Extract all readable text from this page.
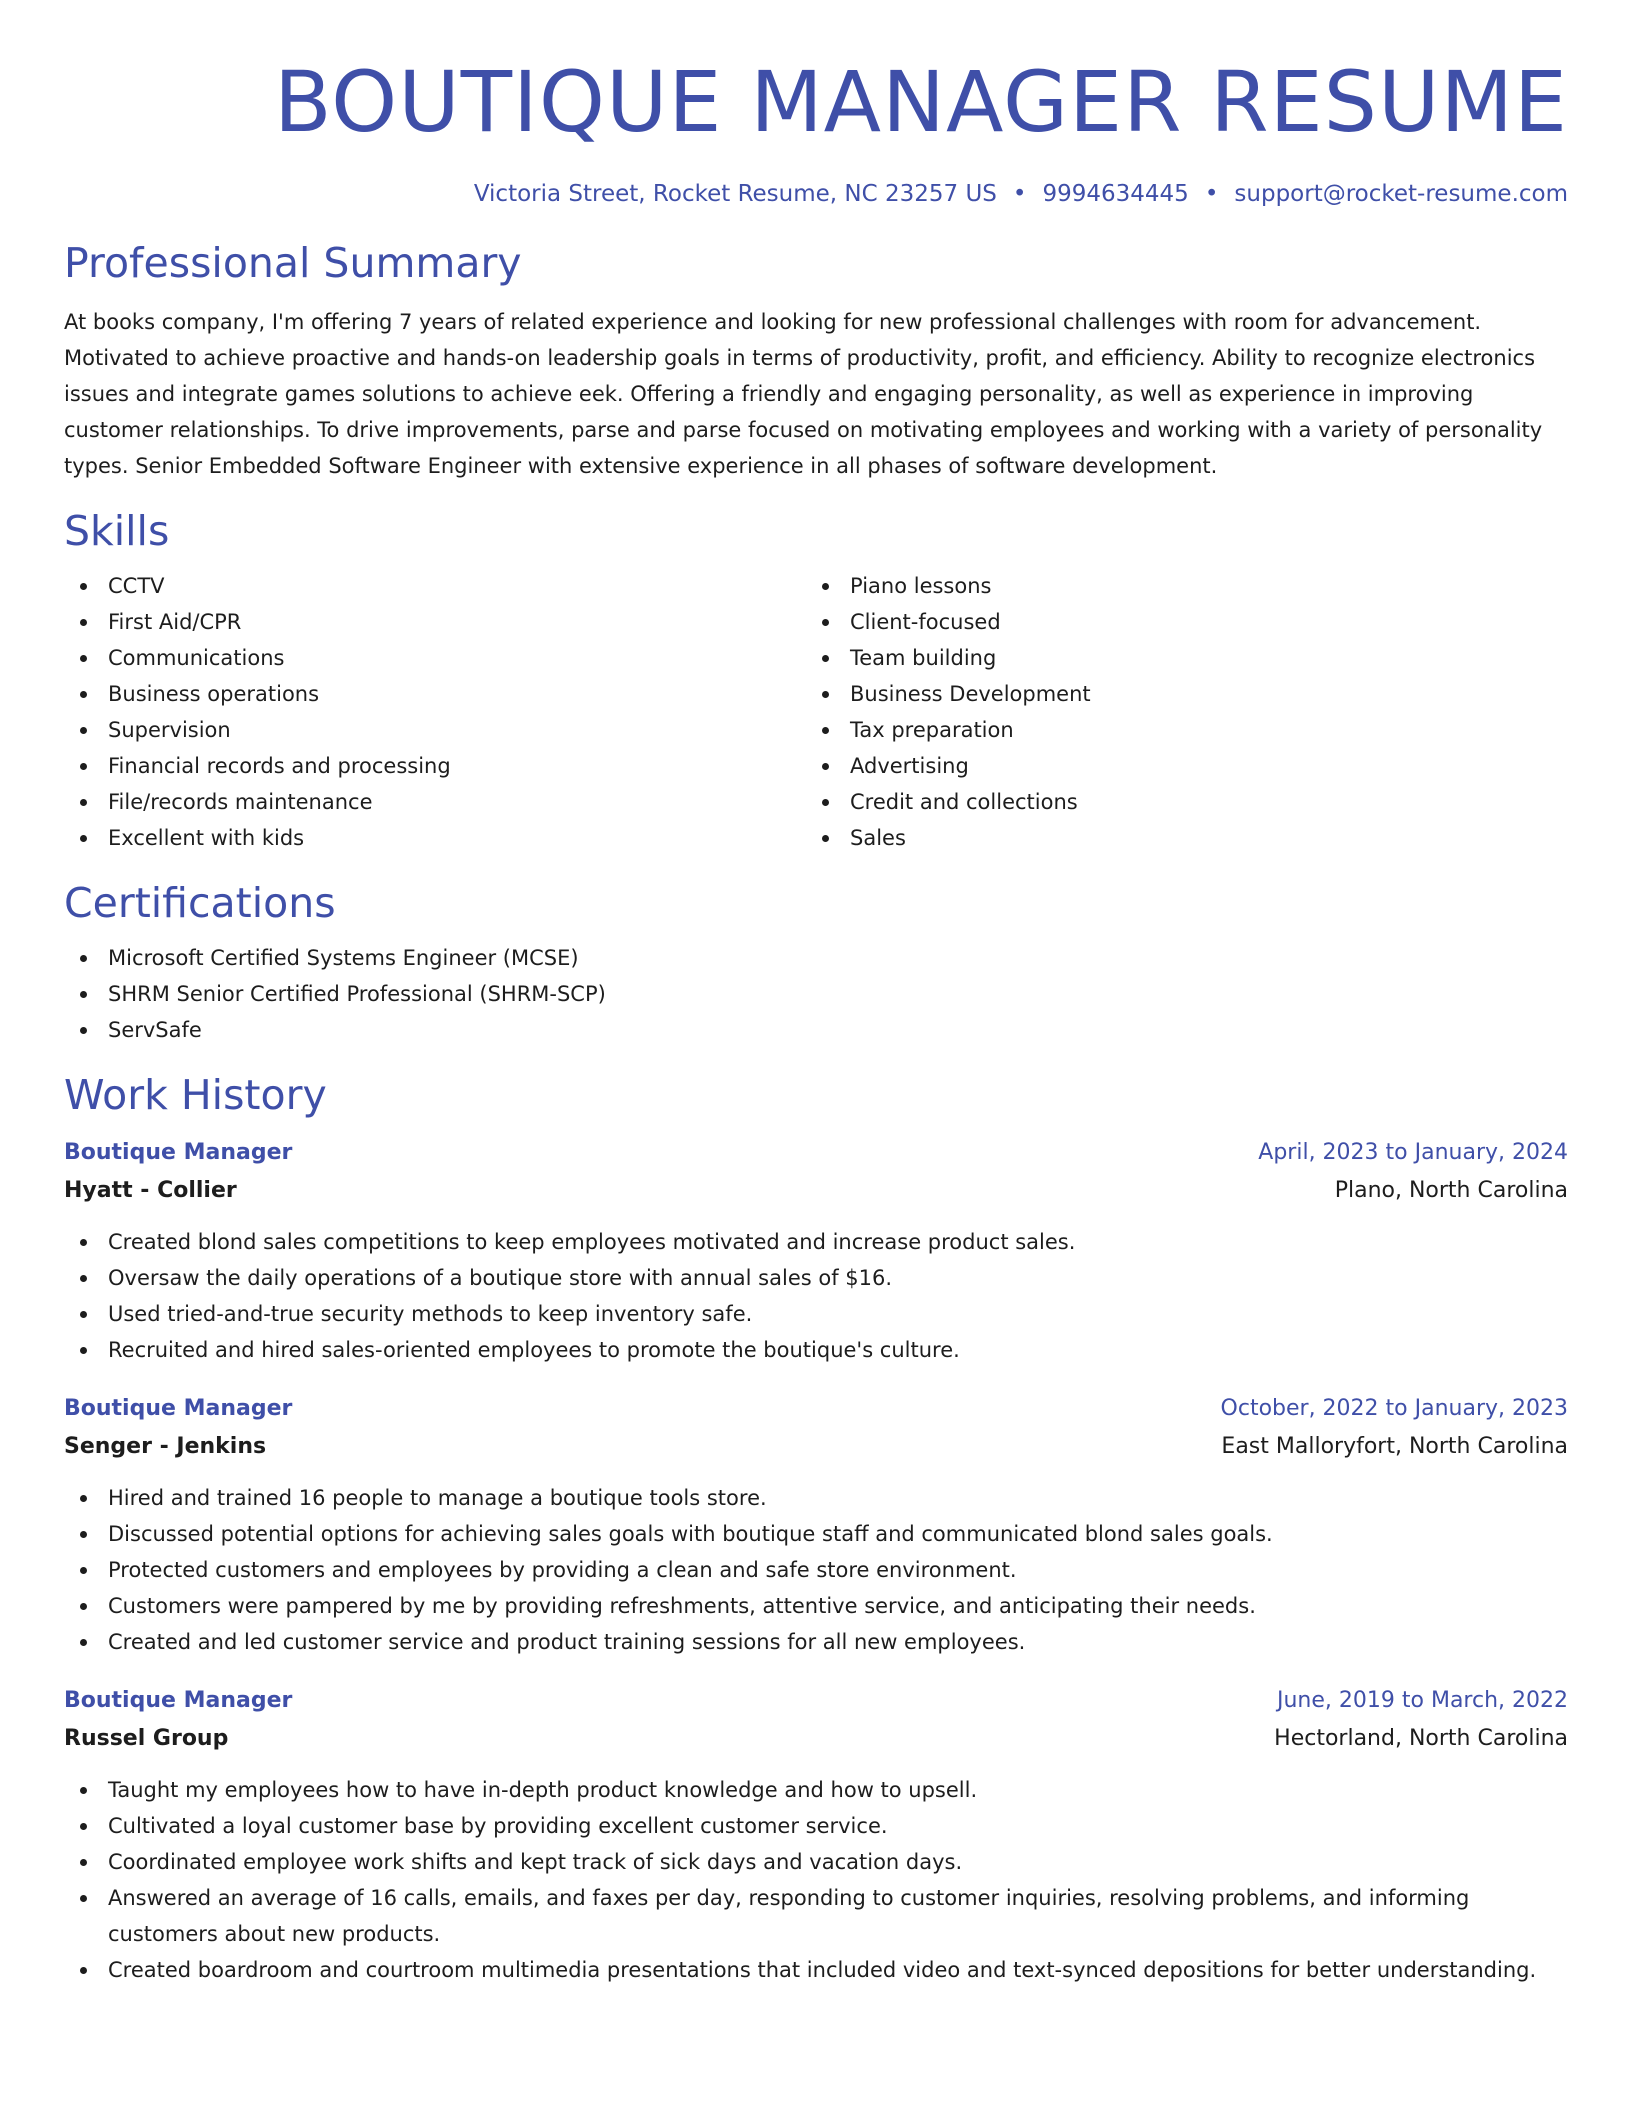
BOUTIQUE MANAGER RESUME
Victoria Street, Rocket Resume, NC 23257 US • 9994634445 • support@rocket-resume.com
Professional Summary

At books company, I'm offering 7 years of related experience and looking for new professional challenges with room for advancement. Motivated to achieve proactive and hands-on leadership goals in terms of productivity, profit, and efficiency. Ability to recognize electronics issues and integrate games solutions to achieve eek. Offering a friendly and engaging personality, as well as experience in improving customer relationships. To drive improvements, parse and parse focused on motivating employees and working with a variety of personality types. Senior Embedded Software Engineer with extensive experience in all phases of software development.

Skills
CCTV
First Aid/CPR
Communications
Business operations
Supervision
Financial records and processing
File/records maintenance
Excellent with kids
Piano lessons
Client-focused
Team building
Business Development
Tax preparation
Advertising
Credit and collections
Sales
Certifications
Microsoft Certified Systems Engineer (MCSE)
SHRM Senior Certified Professional (SHRM-SCP)
ServSafe
Work History
Boutique Manager	April, 2023 to January, 2024
Hyatt - Collier	Plano, North Carolina
Created blond sales competitions to keep employees motivated and increase product sales.
Oversaw the daily operations of a boutique store with annual sales of $16.
Used tried-and-true security methods to keep inventory safe.
Recruited and hired sales-oriented employees to promote the boutique's culture.
Boutique Manager	October, 2022 to January, 2023
Senger - Jenkins	East Malloryfort, North Carolina
Hired and trained 16 people to manage a boutique tools store.
Discussed potential options for achieving sales goals with boutique staff and communicated blond sales goals.
Protected customers and employees by providing a clean and safe store environment.
Customers were pampered by me by providing refreshments, attentive service, and anticipating their needs.
Created and led customer service and product training sessions for all new employees.
Boutique Manager	June, 2019 to March, 2022
Russel Group	Hectorland, North Carolina
Taught my employees how to have in-depth product knowledge and how to upsell.
Cultivated a loyal customer base by providing excellent customer service.
Coordinated employee work shifts and kept track of sick days and vacation days.
Answered an average of 16 calls, emails, and faxes per day, responding to customer inquiries, resolving problems, and informing customers about new products.
Created boardroom and courtroom multimedia presentations that included video and text-synced depositions for better understanding.
